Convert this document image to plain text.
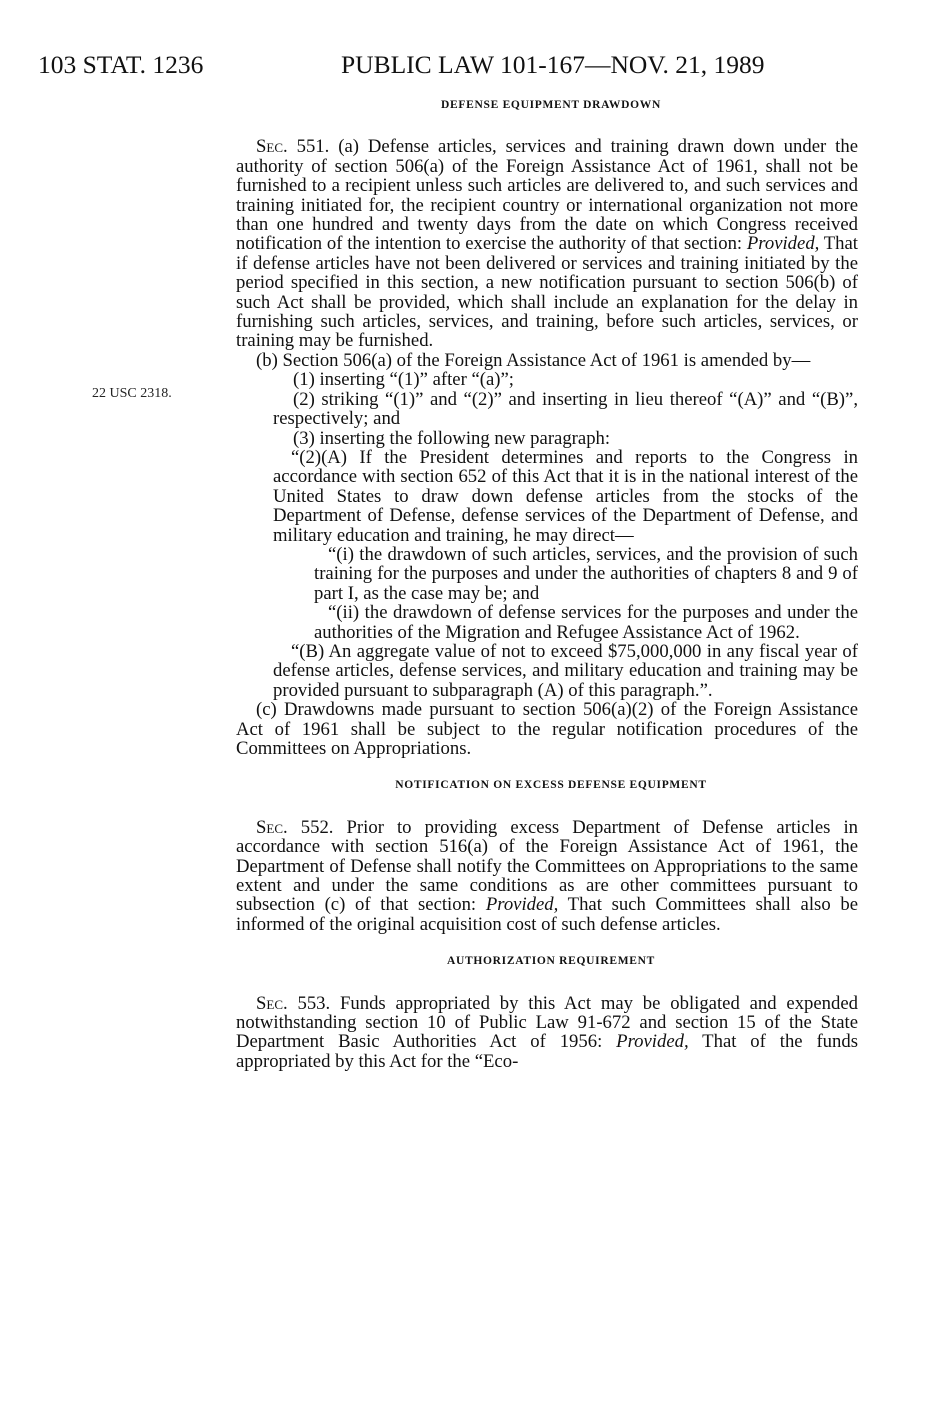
103 STAT. 1236	PUBLIC LAW 101-167—NOV. 21, 1989
22 USC 2318.
DEFENSE EQUIPMENT DRAWDOWN

Sec. 551. (a) Defense articles, services and training drawn down under the authority of section 506(a) of the Foreign Assistance Act of 1961, shall not be furnished to a recipient unless such articles are delivered to, and such services and training initiated for, the recipient country or international organization not more than one hundred and twenty days from the date on which Congress received notification of the intention to exercise the authority of that section: Provided, That if defense articles have not been delivered or services and training initiated by the period specified in this section, a new notification pursuant to section 506(b) of such Act shall be provided, which shall include an explanation for the delay in furnishing such articles, services, and training, before such articles, services, or training may be furnished.

(b) Section 506(a) of the Foreign Assistance Act of 1961 is amended by—

(1) inserting “(1)” after “(a)”;

(2) striking “(1)” and “(2)” and inserting in lieu thereof “(A)” and “(B)”, respectively; and

(3) inserting the following new paragraph:

“(2)(A) If the President determines and reports to the Congress in accordance with section 652 of this Act that it is in the national interest of the United States to draw down defense articles from the stocks of the Department of Defense, defense services of the Department of Defense, and military education and training, he may direct—

“(i) the drawdown of such articles, services, and the provision of such training for the purposes and under the authorities of chapters 8 and 9 of part I, as the case may be; and

“(ii) the drawdown of defense services for the purposes and under the authorities of the Migration and Refugee Assistance Act of 1962.

“(B) An aggregate value of not to exceed $75,000,000 in any fiscal year of defense articles, defense services, and military education and training may be provided pursuant to subparagraph (A) of this paragraph.”.

(c) Drawdowns made pursuant to section 506(a)(2) of the Foreign Assistance Act of 1961 shall be subject to the regular notification procedures of the Committees on Appropriations.

NOTIFICATION ON EXCESS DEFENSE EQUIPMENT

Sec. 552. Prior to providing excess Department of Defense articles in accordance with section 516(a) of the Foreign Assistance Act of 1961, the Department of Defense shall notify the Committees on Appropriations to the same extent and under the same conditions as are other committees pursuant to subsection (c) of that section: Provided, That such Committees shall also be informed of the original acquisition cost of such defense articles.

AUTHORIZATION REQUIREMENT

Sec. 553. Funds appropriated by this Act may be obligated and expended notwithstanding section 10 of Public Law 91-672 and section 15 of the State Department Basic Authorities Act of 1956: Provided, That of the funds appropriated by this Act for the “Eco-
